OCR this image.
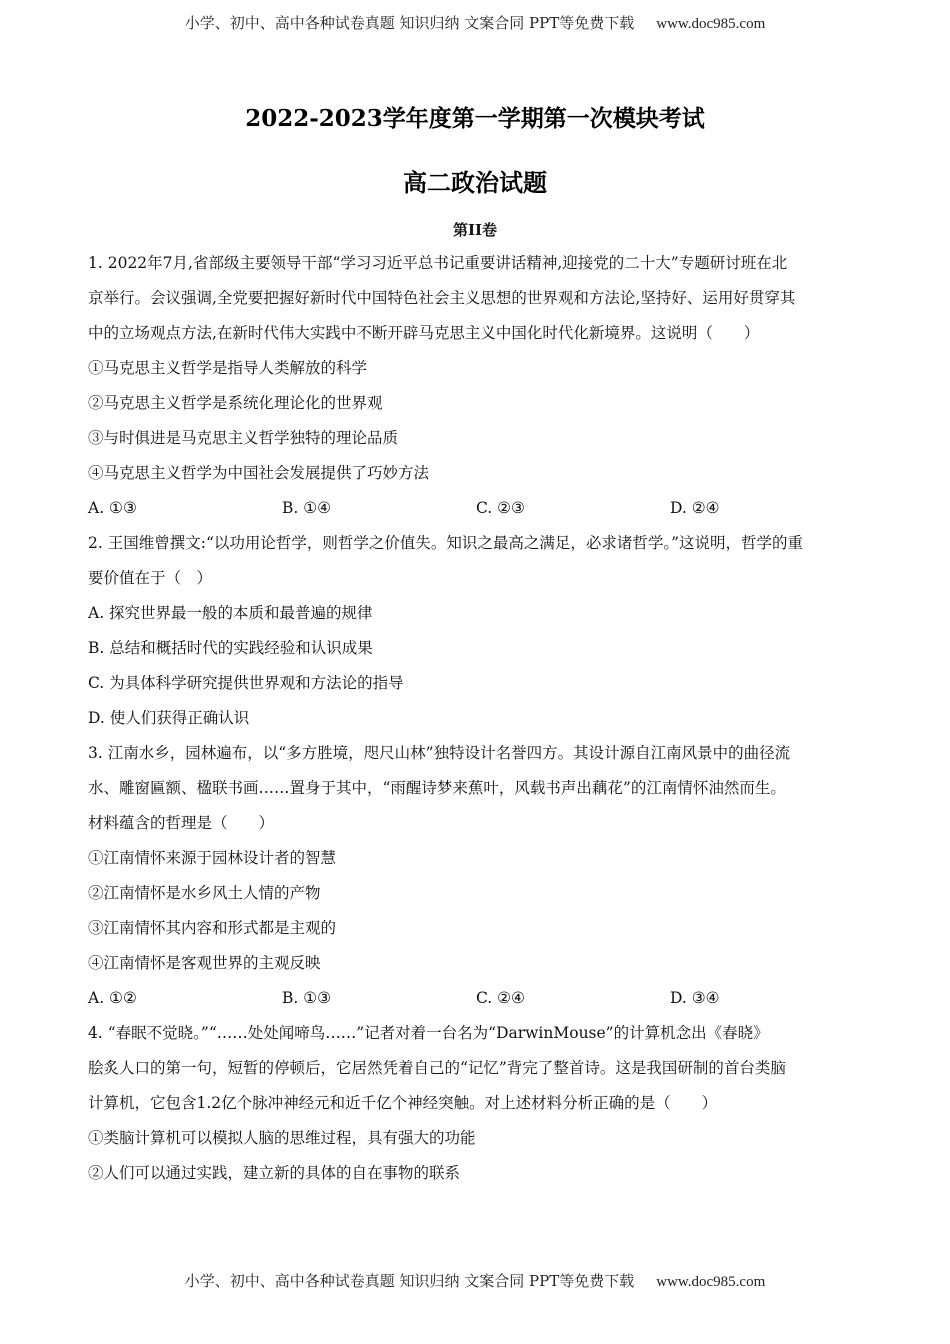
小学、初中、高中各种试卷真题 知识归纳 文案合同 PPT等免费下载 www.doc985.com
2022-2023学年度第一学期第一次模块考试
高二政治试题
第II卷
1. 2022年7月,省部级主要领导干部“学习习近平总书记重要讲话精神,迎接党的二十大”专题研讨班在北
京举行。会议强调,全党要把握好新时代中国特色社会主义思想的世界观和方法论,坚持好、运用好贯穿其
中的立场观点方法,在新时代伟大实践中不断开辟马克思主义中国化时代化新境界。这说明（　　）
①马克思主义哲学是指导人类解放的科学
②马克思主义哲学是系统化理论化的世界观
③与时俱进是马克思主义哲学独特的理论品质
④马克思主义哲学为中国社会发展提供了巧妙方法
A. ①③	B. ①④	C. ②③	D. ②④
2. 王国维曾撰文:“以功用论哲学，则哲学之价值失。知识之最高之满足，必求诸哲学。”这说明，哲学的重
要价值在于（　）
A. 探究世界最一般的本质和最普遍的规律
B. 总结和概括时代的实践经验和认识成果
C. 为具体科学研究提供世界观和方法论的指导
D. 使人们获得正确认识
3. 江南水乡，园林遍布，以“多方胜境，咫尺山林”独特设计名誉四方。其设计源自江南风景中的曲径流
水、雕窗匾额、楹联书画……置身于其中，“雨醒诗梦来蕉叶，风载书声出藕花”的江南情怀油然而生。
材料蕴含的哲理是（　　）
①江南情怀来源于园林设计者的智慧
②江南情怀是水乡风土人情的产物
③江南情怀其内容和形式都是主观的
④江南情怀是客观世界的主观反映
A. ①②	B. ①③	C. ②④	D. ③④
4. “春眠不觉晓。”“……处处闻啼鸟……”记者对着一台名为“DarwinMouse”的计算机念出《春晓》
脍炙人口的第一句，短暂的停顿后，它居然凭着自己的“记忆”背完了整首诗。这是我国研制的首台类脑
计算机，它包含1.2亿个脉冲神经元和近千亿个神经突触。对上述材料分析正确的是（　　）
①类脑计算机可以模拟人脑的思维过程，具有强大的功能
②人们可以通过实践，建立新的具体的自在事物的联系
小学、初中、高中各种试卷真题 知识归纳 文案合同 PPT等免费下载 www.doc985.com
